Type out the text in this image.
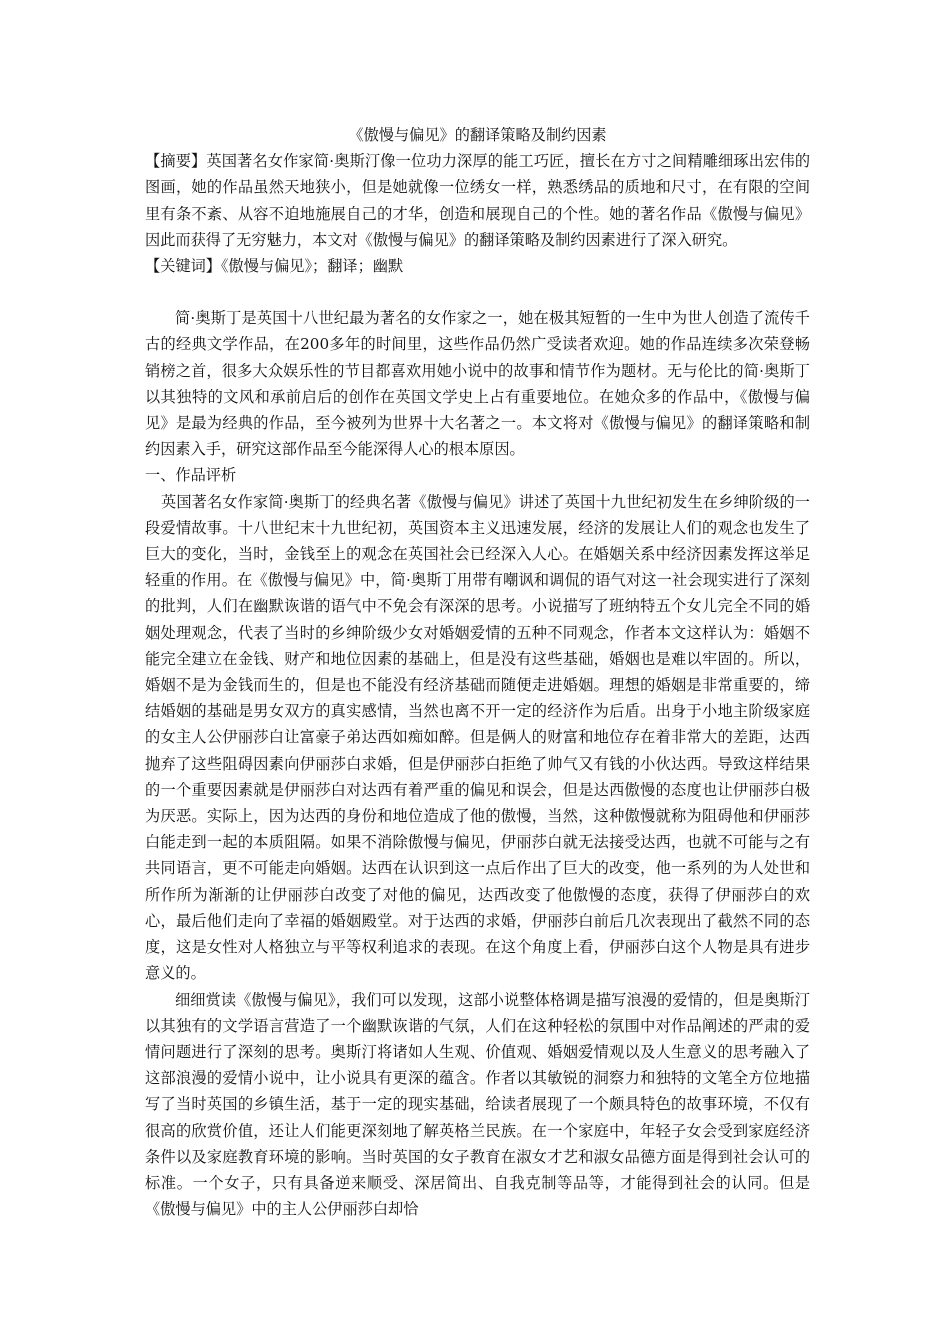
《傲慢与偏见》的翻译策略及制约因素

【摘要】英国著名女作家简·奥斯汀像一位功力深厚的能工巧匠，擅长在方寸之间精雕细琢出宏伟的图画，她的作品虽然天地狭小，但是她就像一位绣女一样，熟悉绣品的质地和尺寸，在有限的空间里有条不紊、从容不迫地施展自己的才华，创造和展现自己的个性。她的著名作品《傲慢与偏见》因此而获得了无穷魅力，本文对《傲慢与偏见》的翻译策略及制约因素进行了深入研究。

【关键词】《傲慢与偏见》；翻译；幽默

简·奥斯丁是英国十八世纪最为著名的女作家之一，她在极其短暂的一生中为世人创造了流传千古的经典文学作品，在200多年的时间里，这些作品仍然广受读者欢迎。她的作品连续多次荣登畅销榜之首，很多大众娱乐性的节目都喜欢用她小说中的故事和情节作为题材。无与伦比的简·奥斯丁以其独特的文风和承前启后的创作在英国文学史上占有重要地位。在她众多的作品中，《傲慢与偏见》是最为经典的作品，至今被列为世界十大名著之一。本文将对《傲慢与偏见》的翻译策略和制约因素入手，研究这部作品至今能深得人心的根本原因。

一、作品评析

英国著名女作家简·奥斯丁的经典名著《傲慢与偏见》讲述了英国十九世纪初发生在乡绅阶级的一段爱情故事。十八世纪末十九世纪初，英国资本主义迅速发展，经济的发展让人们的观念也发生了巨大的变化，当时，金钱至上的观念在英国社会已经深入人心。在婚姻关系中经济因素发挥这举足轻重的作用。在《傲慢与偏见》中，简·奥斯丁用带有嘲讽和调侃的语气对这一社会现实进行了深刻的批判，人们在幽默诙谐的语气中不免会有深深的思考。小说描写了班纳特五个女儿完全不同的婚姻处理观念，代表了当时的乡绅阶级少女对婚姻爱情的五种不同观念，作者本文这样认为：婚姻不能完全建立在金钱、财产和地位因素的基础上，但是没有这些基础，婚姻也是难以牢固的。所以，婚姻不是为金钱而生的，但是也不能没有经济基础而随便走进婚姻。理想的婚姻是非常重要的，缔结婚姻的基础是男女双方的真实感情，当然也离不开一定的经济作为后盾。出身于小地主阶级家庭的女主人公伊丽莎白让富豪子弟达西如痴如醉。但是俩人的财富和地位存在着非常大的差距，达西抛弃了这些阻碍因素向伊丽莎白求婚，但是伊丽莎白拒绝了帅气又有钱的小伙达西。导致这样结果的一个重要因素就是伊丽莎白对达西有着严重的偏见和误会，但是达西傲慢的态度也让伊丽莎白极为厌恶。实际上，因为达西的身份和地位造成了他的傲慢，当然，这种傲慢就称为阻碍他和伊丽莎白能走到一起的本质阻隔。如果不消除傲慢与偏见，伊丽莎白就无法接受达西，也就不可能与之有共同语言，更不可能走向婚姻。达西在认识到这一点后作出了巨大的改变，他一系列的为人处世和所作所为渐渐的让伊丽莎白改变了对他的偏见，达西改变了他傲慢的态度，获得了伊丽莎白的欢心，最后他们走向了幸福的婚姻殿堂。对于达西的求婚，伊丽莎白前后几次表现出了截然不同的态度，这是女性对人格独立与平等权利追求的表现。在这个角度上看，伊丽莎白这个人物是具有进步意义的。

细细赏读《傲慢与偏见》，我们可以发现，这部小说整体格调是描写浪漫的爱情的，但是奥斯汀以其独有的文学语言营造了一个幽默诙谐的气氛，人们在这种轻松的氛围中对作品阐述的严肃的爱情问题进行了深刻的思考。奥斯汀将诸如人生观、价值观、婚姻爱情观以及人生意义的思考融入了这部浪漫的爱情小说中，让小说具有更深的蕴含。作者以其敏锐的洞察力和独特的文笔全方位地描写了当时英国的乡镇生活，基于一定的现实基础，给读者展现了一个颇具特色的故事环境，不仅有很高的欣赏价值，还让人们能更深刻地了解英格兰民族。在一个家庭中，年轻子女会受到家庭经济条件以及家庭教育环境的影响。当时英国的女子教育在淑女才艺和淑女品德方面是得到社会认可的标准。一个女子，只有具备逆来顺受、深居简出、自我克制等品等，才能得到社会的认同。但是《傲慢与偏见》中的主人公伊丽莎白却恰
